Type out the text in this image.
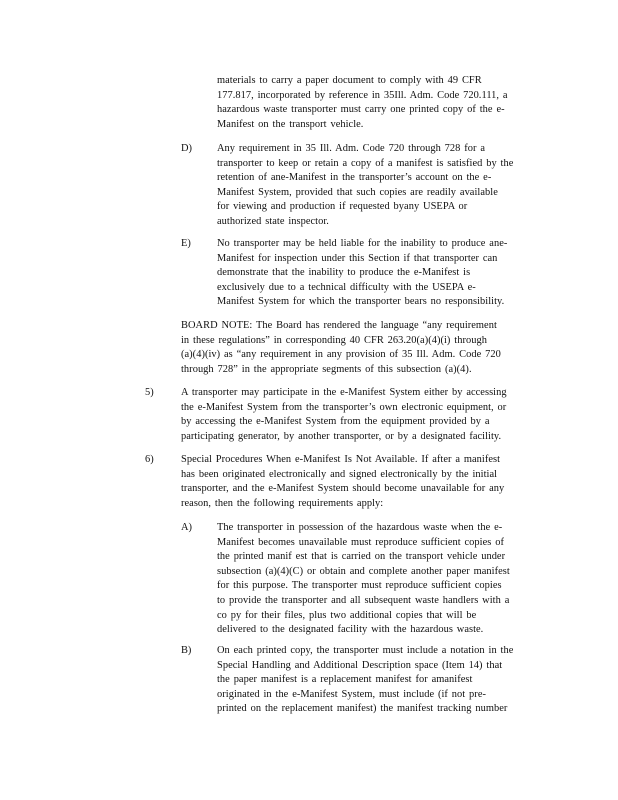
materials to carry a paper document to comply with 49 CFR
177.817, incorporated by reference in 35Ill. Adm. Code 720.111, a
hazardous waste transporter must carry one printed copy of the e-
Manifest on the transport vehicle.
D) Any requirement in 35 Ill. Adm. Code 720 through 728 for a
transporter to keep or retain a copy of a manifest is satisfied by the
retention of ane-Manifest in the transporter’s account on the e-
Manifest System, provided that such copies are readily available
for viewing and production if requested byany USEPA or
authorized state inspector.
E)	No transporter may be held liable for the inability to produce ane-
Manifest for inspection under this Section if that transporter can
demonstrate that the inability to produce the e-Manifest is
exclusively due to a technical difficulty with the USEPA e-
Manifest System for which the transporter bears no responsibility.
BOARD NOTE: The Board has rendered the language “any requirement
in these regulations” in corresponding 40 CFR 263.20(a)(4)(i) through
(a)(4)(iv) as “any requirement in any provision of 35 Ill. Adm. Code 720
through 728” in the appropriate segments of this subsection (a)(4).
5)	A transporter may participate in the e-Manifest System either by accessing
the e-Manifest System from the transporter’s own electronic equipment, or
by accessing the e-Manifest System from the equipment provided by a
participating generator, by another transporter, or by a designated facility.
6)	Special Procedures When e-Manifest Is Not Available. If after a manifest
has been originated electronically and signed electronically by the initial
transporter, and the e-Manifest System should become unavailable for any
reason, then the following requirements apply:
A) The transporter in possession of the hazardous waste when the e-
Manifest becomes unavailable must reproduce sufficient copies of
the printed manif est that is carried on the transport vehicle under
subsection (a)(4)(C) or obtain and complete another paper manifest
for this purpose. The transporter must reproduce sufficient copies
to provide the transporter and all subsequent waste handlers with a
co py for their files, plus two additional copies that will be
delivered to the designated facility with the hazardous waste.
B) On each printed copy, the transporter must include a notation in the
Special Handling and Additional Description space (Item 14) that
the paper manifest is a replacement manifest for amanifest
originated in the e-Manifest System, must include (if not pre-
printed on the replacement manifest) the manifest tracking number
